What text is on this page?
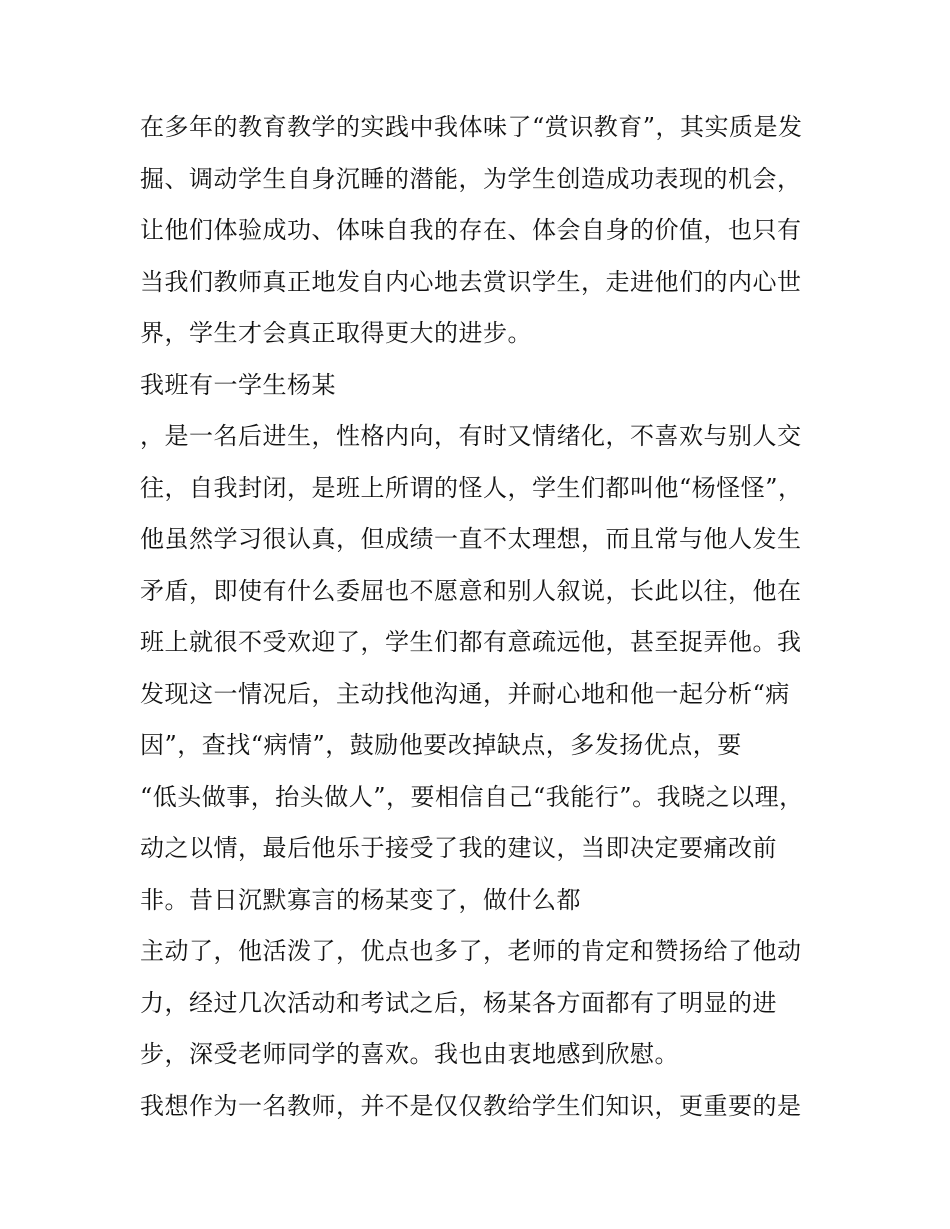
在多年的教育教学的实践中我体味了“赏识教育”，其实质是发
掘、调动学生自身沉睡的潜能，为学生创造成功表现的机会，
让他们体验成功、体味自我的存在、体会自身的价值，也只有
当我们教师真正地发自内心地去赏识学生，走进他们的内心世
界，学生才会真正取得更大的进步。
我班有一学生杨某
，是一名后进生，性格内向，有时又情绪化，不喜欢与别人交
往，自我封闭，是班上所谓的怪人，学生们都叫他“杨怪怪”，
他虽然学习很认真，但成绩一直不太理想，而且常与他人发生
矛盾，即使有什么委屈也不愿意和别人叙说，长此以往，他在
班上就很不受欢迎了，学生们都有意疏远他，甚至捉弄他。我
发现这一情况后，主动找他沟通，并耐心地和他一起分析“病
因”，查找“病情”，鼓励他要改掉缺点，多发扬优点，要
“低头做事，抬头做人”，要相信自己“我能行”。我晓之以理，
动之以情，最后他乐于接受了我的建议，当即决定要痛改前
非。昔日沉默寡言的杨某变了，做什么都
主动了，他活泼了，优点也多了，老师的肯定和赞扬给了他动
力，经过几次活动和考试之后，杨某各方面都有了明显的进
步，深受老师同学的喜欢。我也由衷地感到欣慰。
我想作为一名教师，并不是仅仅教给学生们知识，更重要的是
